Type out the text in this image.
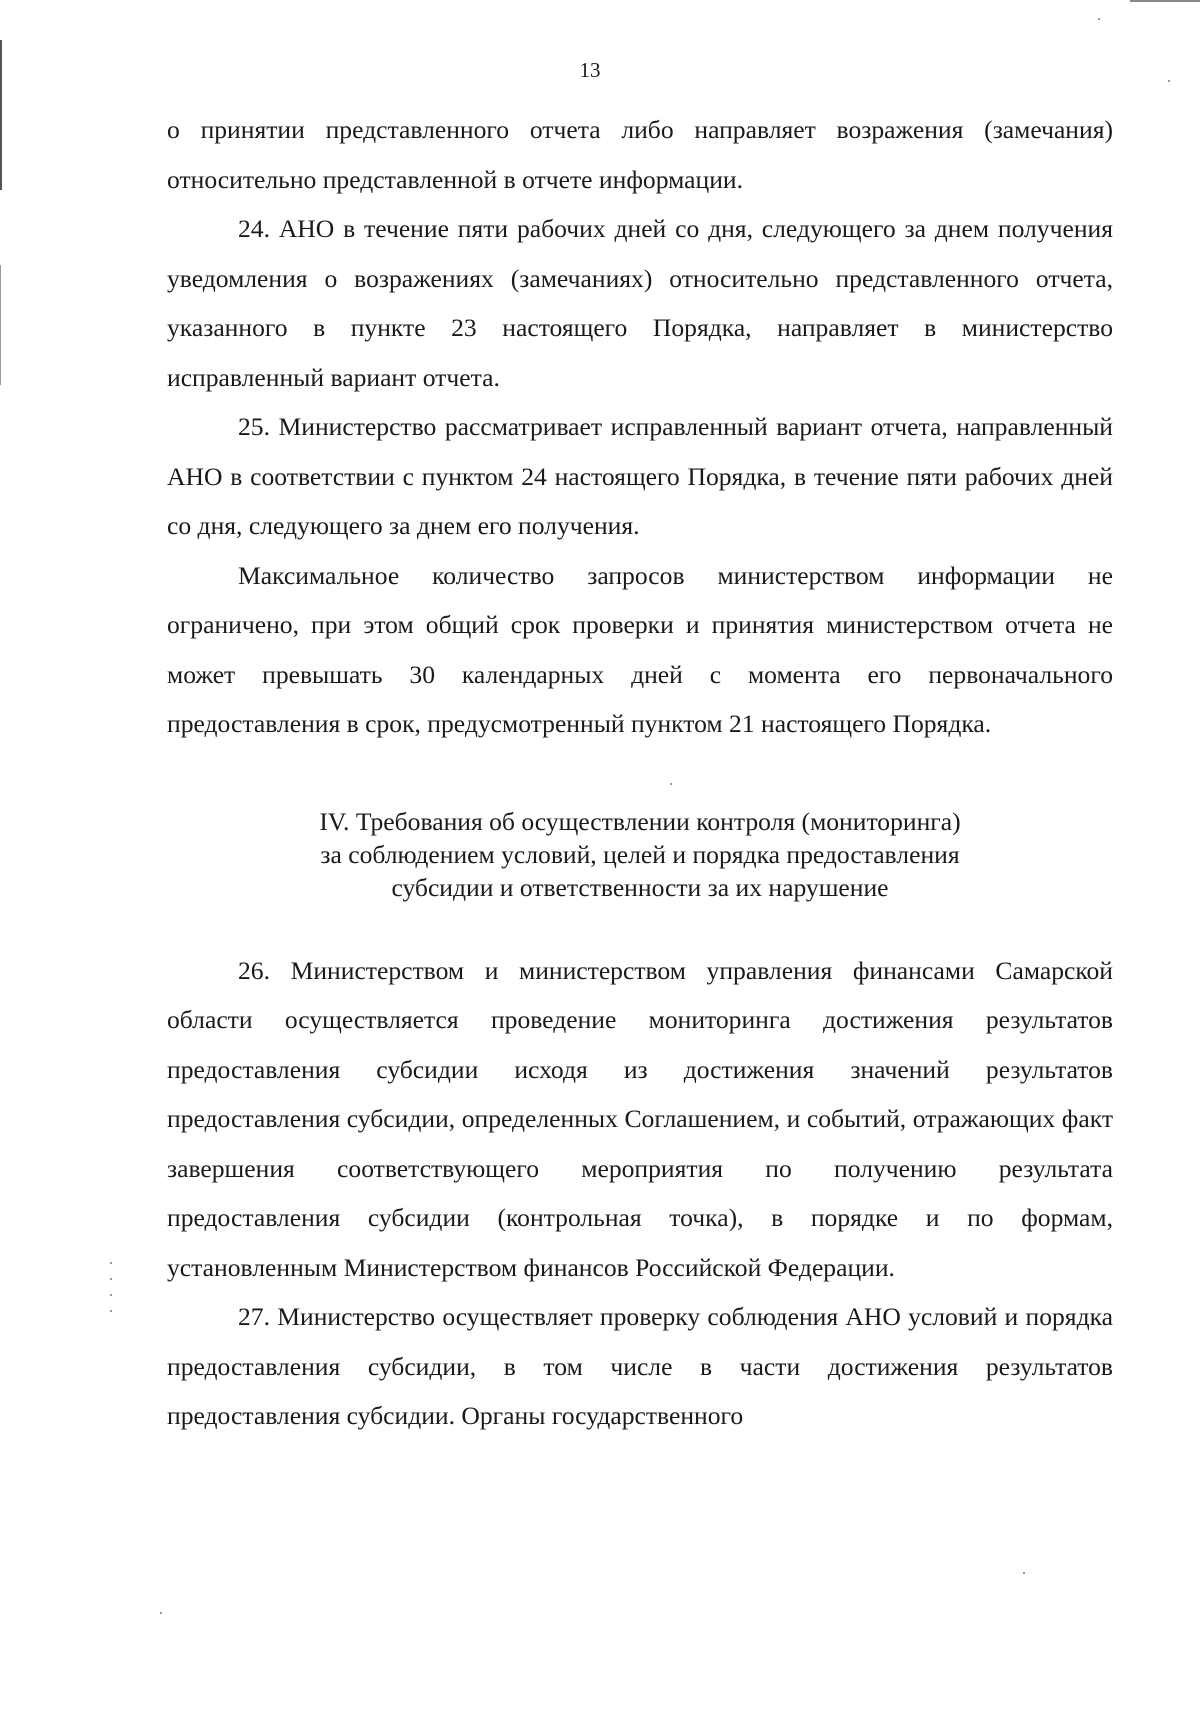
13

о принятии представленного отчета либо направляет возражения (замечания) относительно представленной в отчете информации.

24. АНО в течение пяти рабочих дней со дня, следующего за днем получения уведомления о возражениях (замечаниях) относительно представленного отчета, указанного в пункте 23 настоящего Порядка, направляет в министерство исправленный вариант отчета.

25. Министерство рассматривает исправленный вариант отчета, направленный АНО в соответствии с пунктом 24 настоящего Порядка, в течение пяти рабочих дней со дня, следующего за днем его получения.

Максимальное количество запросов министерством информации не ограничено, при этом общий срок проверки и принятия министерством отчета не может превышать 30 календарных дней с момента его первоначального предоставления в срок, предусмотренный пунктом 21 настоящего Порядка.

IV. Требования об осуществлении контроля (мониторинга)
за соблюдением условий, целей и порядка предоставления
субсидии и ответственности за их нарушение

26. Министерством и министерством управления финансами Самарской области осуществляется проведение мониторинга достижения результатов предоставления субсидии исходя из достижения значений результатов предоставления субсидии, определенных Соглашением, и событий, отражающих факт завершения соответствующего мероприятия по получению результата предоставления субсидии (контрольная точка), в порядке и по формам, установленным Министерством финансов Российской Федерации.

27. Министерство осуществляет проверку соблюдения АНО условий и порядка предоставления субсидии, в том числе в части достижения результатов предоставления субсидии. Органы государственного
